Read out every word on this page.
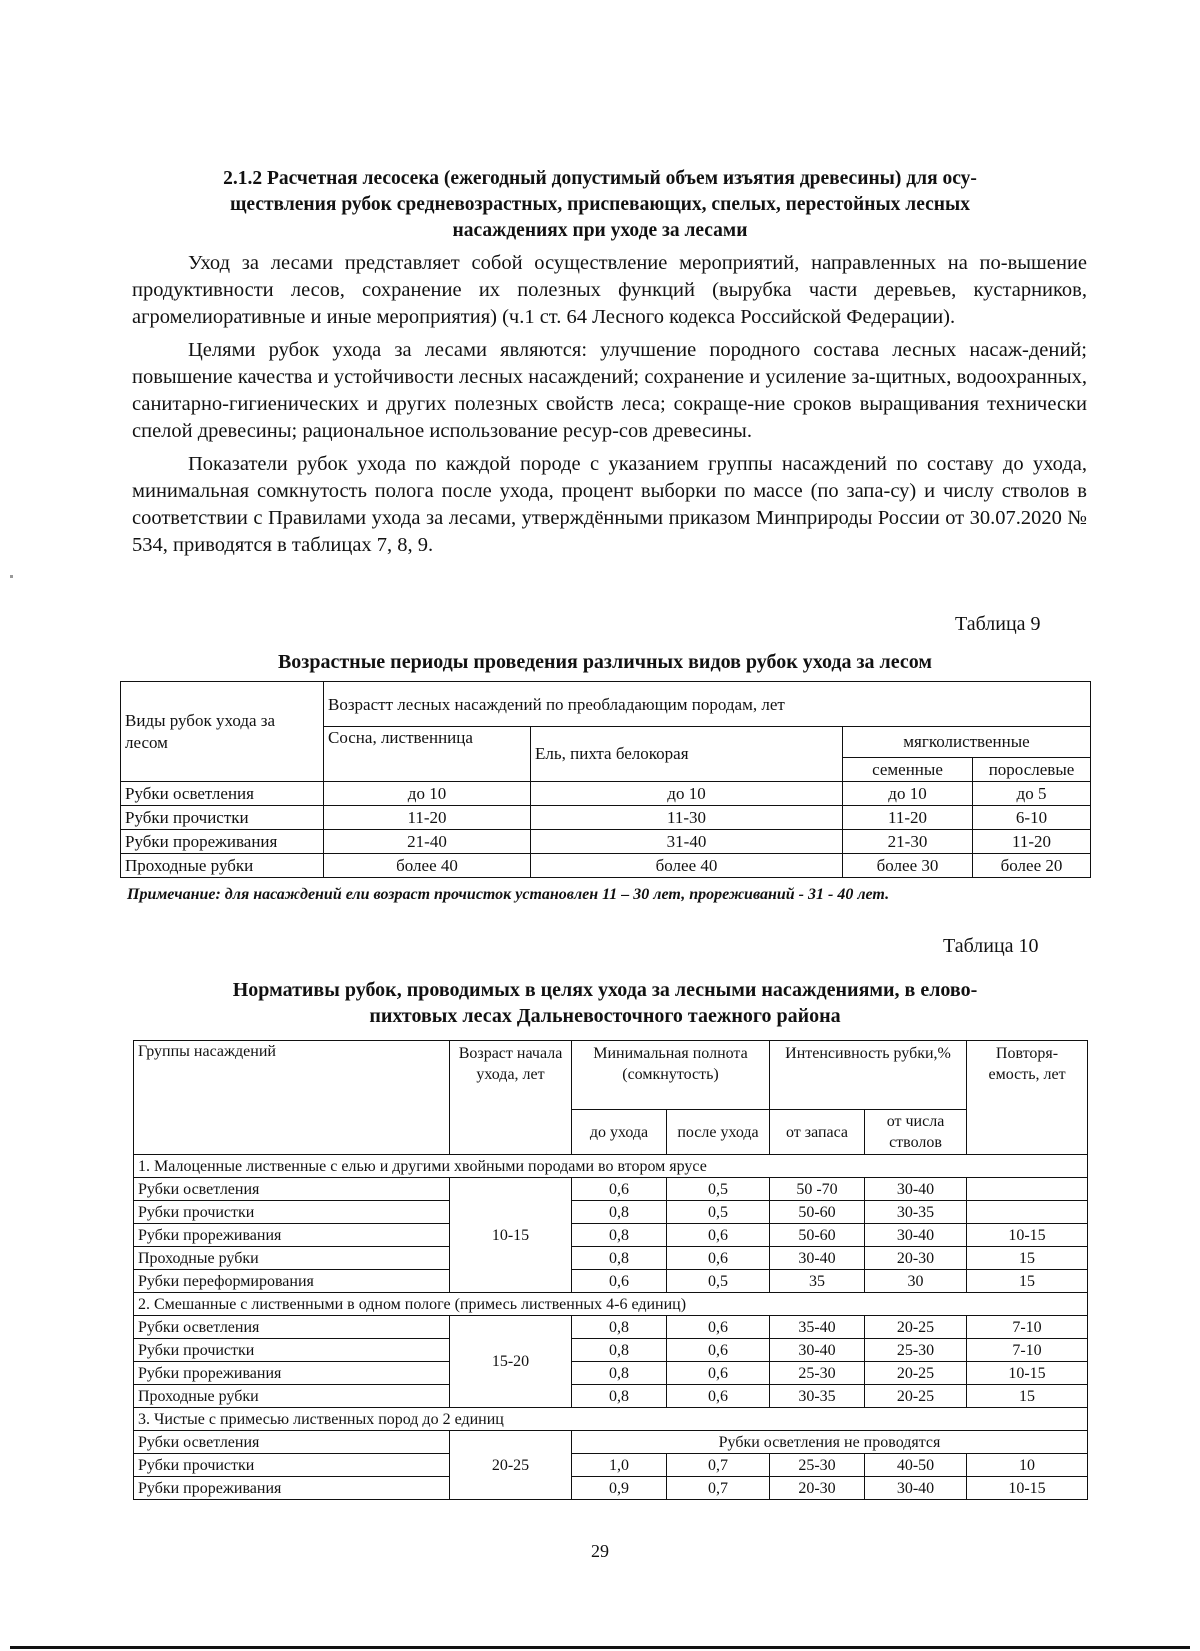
2.1.2 Расчетная лесосека (ежегодный допустимый объем изъятия древесины) для осу-
ществления рубок средневозрастных, приспевающих, спелых, перестойных лесных
насаждениях при уходе за лесами

Уход за лесами представляет собой осуществление мероприятий, направленных на по-вышение продуктивности лесов, сохранение их полезных функций (вырубка части деревьев, кустарников, агромелиоративные и иные мероприятия) (ч.1 ст. 64 Лесного кодекса Российской Федерации).

Целями рубок ухода за лесами являются: улучшение породного состава лесных насаж-дений; повышение качества и устойчивости лесных насаждений; сохранение и усиление за-щитных, водоохранных, санитарно-гигиенических и других полезных свойств леса; сокраще-ние сроков выращивания технически спелой древесины; рациональное использование ресур-сов древесины.

Показатели рубок ухода по каждой породе с указанием группы насаждений по составу до ухода, минимальная сомкнутость полога после ухода, процент выборки по массе (по запа-су) и числу стволов в соответствии с Правилами ухода за лесами, утверждёнными приказом Минприроды России от 30.07.2020 № 534, приводятся в таблицах 7, 8, 9.

Таблица 9
Возрастные периоды проведения различных видов рубок ухода за лесом
Виды рубок ухода за лесом	Возрастт лесных насаждений по преобладающим породам, лет			
	Сосна, лиственница	Ель, пихта белокорая	мягколиственные	
			семенные	порослевые
Рубки осветления	до 10	до 10	до 10	до 5
Рубки прочистки	11-20	11-30	11-20	6-10
Рубки прореживания	21-40	31-40	21-30	11-20
Проходные рубки	более 40	более 40	более 30	более 20
Примечание: для насаждений ели возраст прочисток установлен 11 – 30 лет, прореживаний - 31 - 40 лет.
Таблица 10
Нормативы рубок, проводимых в целях ухода за лесными насаждениями, в елово-
пихтовых лесах Дальневосточного таежного района
Группы насаждений	Возраст начала ухода, лет	Минимальная полнота (сомкнутость)		Интенсивность рубки,%		Повторя-емость, лет
		до ухода	после ухода	от запаса	от числа стволов	
1. Малоценные лиственные с елью и другими хвойными породами во втором ярусе						
Рубки осветления	10-15	0,6	0,5	50 -70	30-40	
Рубки прочистки		0,8	0,5	50-60	30-35	
Рубки прореживания		0,8	0,6	50-60	30-40	10-15
Проходные рубки		0,8	0,6	30-40	20-30	15
Рубки переформирования		0,6	0,5	35	30	15
2. Смешанные с лиственными в одном пологе (примесь лиственных 4-6 единиц)						
Рубки осветления	15-20	0,8	0,6	35-40	20-25	7-10
Рубки прочистки		0,8	0,6	30-40	25-30	7-10
Рубки прореживания		0,8	0,6	25-30	20-25	10-15
Проходные рубки		0,8	0,6	30-35	20-25	15
3. Чистые с примесью лиственных пород до 2 единиц						
Рубки осветления	20-25	Рубки осветления не проводятся				
Рубки прочистки		1,0	0,7	25-30	40-50	10
Рубки прореживания		0,9	0,7	20-30	30-40	10-15
29
